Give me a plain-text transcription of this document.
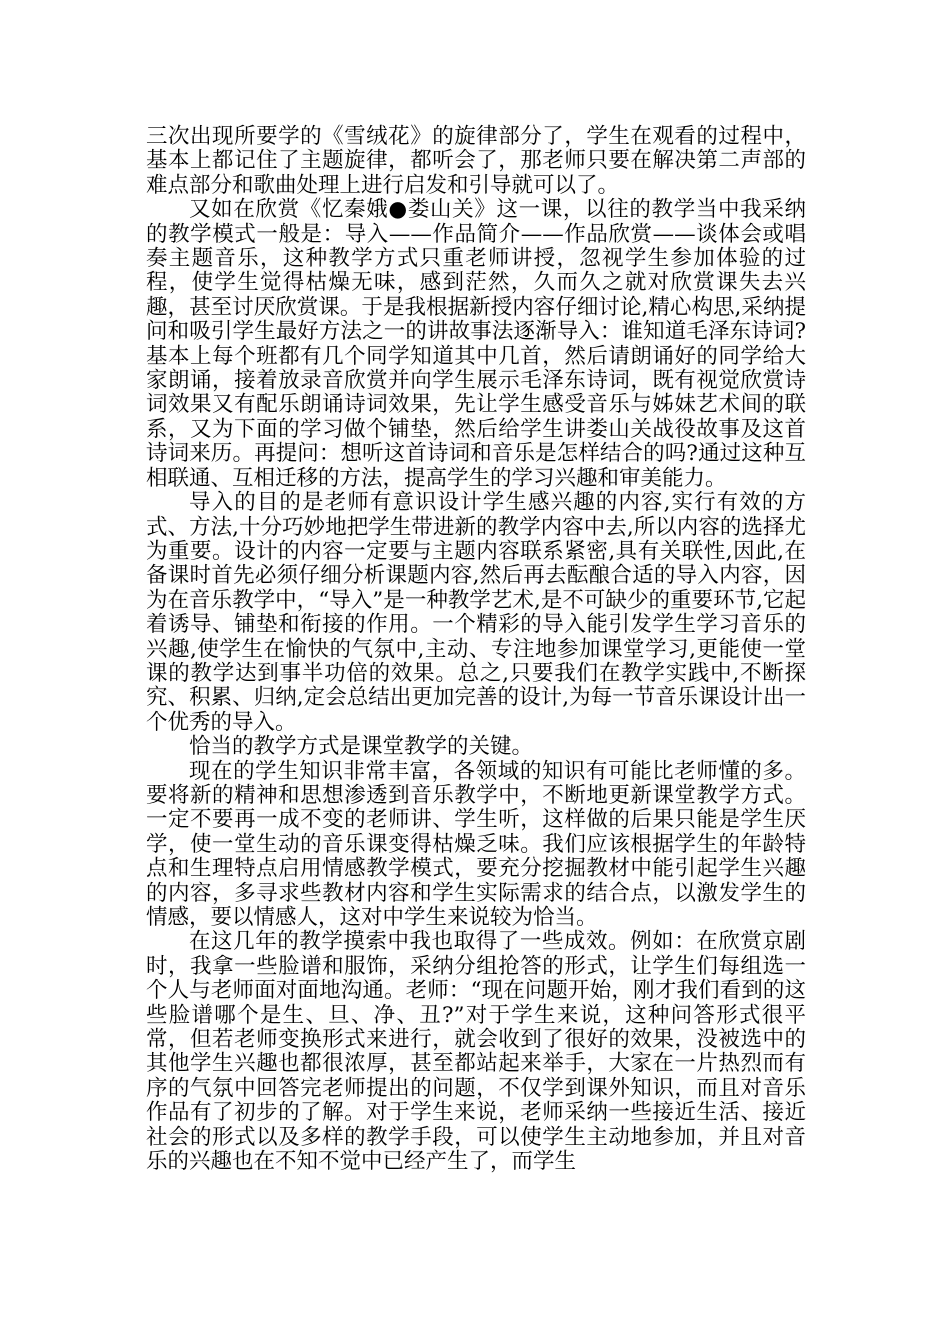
三次出现所要学的《雪绒花》的旋律部分了，学生在观看的过程中，基本上都记住了主题旋律，都听会了，那老师只要在解决第二声部的难点部分和歌曲处理上进行启发和引导就可以了。

又如在欣赏《忆秦娥●娄山关》这一课，以往的教学当中我采纳的教学模式一般是：导入——作品简介——作品欣赏——谈体会或唱奏主题音乐，这种教学方式只重老师讲授，忽视学生参加体验的过程，使学生觉得枯燥无味，感到茫然，久而久之就对欣赏课失去兴趣，甚至讨厌欣赏课。于是我根据新授内容仔细讨论,精心构思,采纳提问和吸引学生最好方法之一的讲故事法逐渐导入：谁知道毛泽东诗词?基本上每个班都有几个同学知道其中几首，然后请朗诵好的同学给大家朗诵，接着放录音欣赏并向学生展示毛泽东诗词，既有视觉欣赏诗词效果又有配乐朗诵诗词效果，先让学生感受音乐与姊妹艺术间的联系，又为下面的学习做个铺垫，然后给学生讲娄山关战役故事及这首诗词来历。再提问：想听这首诗词和音乐是怎样结合的吗?通过这种互相联通、互相迁移的方法，提高学生的学习兴趣和审美能力。

导入的目的是老师有意识设计学生感兴趣的内容,实行有效的方式、方法,十分巧妙地把学生带进新的教学内容中去,所以内容的选择尤为重要。设计的内容一定要与主题内容联系紧密,具有关联性,因此,在备课时首先必须仔细分析课题内容,然后再去酝酿合适的导入内容，因为在音乐教学中，“导入”是一种教学艺术,是不可缺少的重要环节,它起着诱导、铺垫和衔接的作用。一个精彩的导入能引发学生学习音乐的兴趣,使学生在愉快的气氛中,主动、专注地参加课堂学习,更能使一堂课的教学达到事半功倍的效果。总之,只要我们在教学实践中,不断探究、积累、归纳,定会总结出更加完善的设计,为每一节音乐课设计出一个优秀的导入。

恰当的教学方式是课堂教学的关键。

现在的学生知识非常丰富，各领域的知识有可能比老师懂的多。要将新的精神和思想渗透到音乐教学中，不断地更新课堂教学方式。一定不要再一成不变的老师讲、学生听，这样做的后果只能是学生厌学，使一堂生动的音乐课变得枯燥乏味。我们应该根据学生的年龄特点和生理特点启用情感教学模式，要充分挖掘教材中能引起学生兴趣的内容，多寻求些教材内容和学生实际需求的结合点，以激发学生的情感，要以情感人，这对中学生来说较为恰当。

在这几年的教学摸索中我也取得了一些成效。例如：在欣赏京剧时，我拿一些脸谱和服饰，采纳分组抢答的形式，让学生们每组选一个人与老师面对面地沟通。老师：“现在问题开始，刚才我们看到的这些脸谱哪个是生、旦、净、丑?”对于学生来说，这种问答形式很平常，但若老师变换形式来进行，就会收到了很好的效果，没被选中的其他学生兴趣也都很浓厚，甚至都站起来举手，大家在一片热烈而有序的气氛中回答完老师提出的问题，不仅学到课外知识，而且对音乐作品有了初步的了解。对于学生来说，老师采纳一些接近生活、接近社会的形式以及多样的教学手段，可以使学生主动地参加，并且对音乐的兴趣也在不知不觉中已经产生了，而学生
